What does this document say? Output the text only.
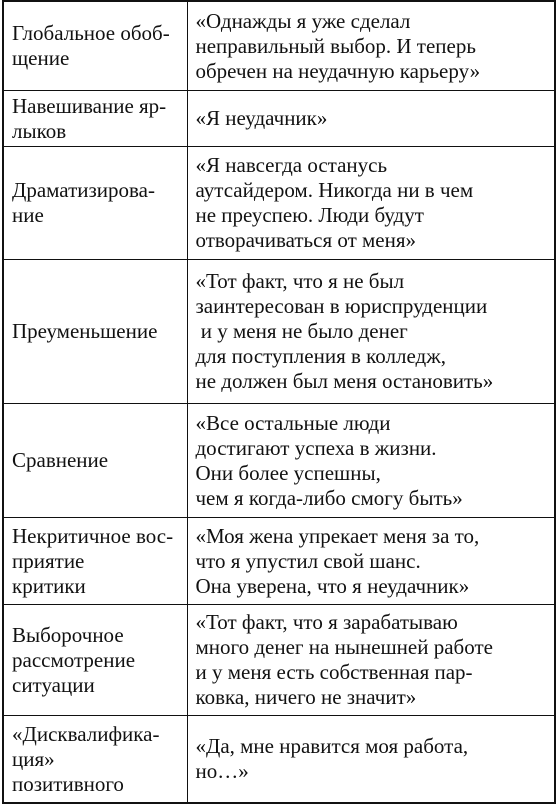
Глобальное обоб-
щение	«Однажды я уже сделал
неправильный выбор. И теперь
обречен на неудачную карьеру»

Навешивание яр-
лыков	«Я неудачник»

Драматизирова-
ние	«Я навсегда останусь
аутсайдером. Никогда ни в чем
не преуспею. Люди будут
отворачиваться от меня»

Преуменьшение	«Тот факт, что я не был
заинтересован в юриспруденции
и у меня не было денег
для поступления в колледж,
не должен был меня остановить»

Сравнение	«Все остальные люди
достигают успеха в жизни.
Они более успешны,
чем я когда-либо смогу быть»

Некритичное вос-
приятие
критики	«Моя жена упрекает меня за то,
что я упустил свой шанс.
Она уверена, что я неудачник»

Выборочное
рассмотрение
ситуации	«Тот факт, что я зарабатываю
много денег на нынешней работе
и у меня есть собственная пар-
ковка, ничего не значит»

«Дисквалифика-
ция»
позитивного	«Да, мне нравится моя работа,
но…»
